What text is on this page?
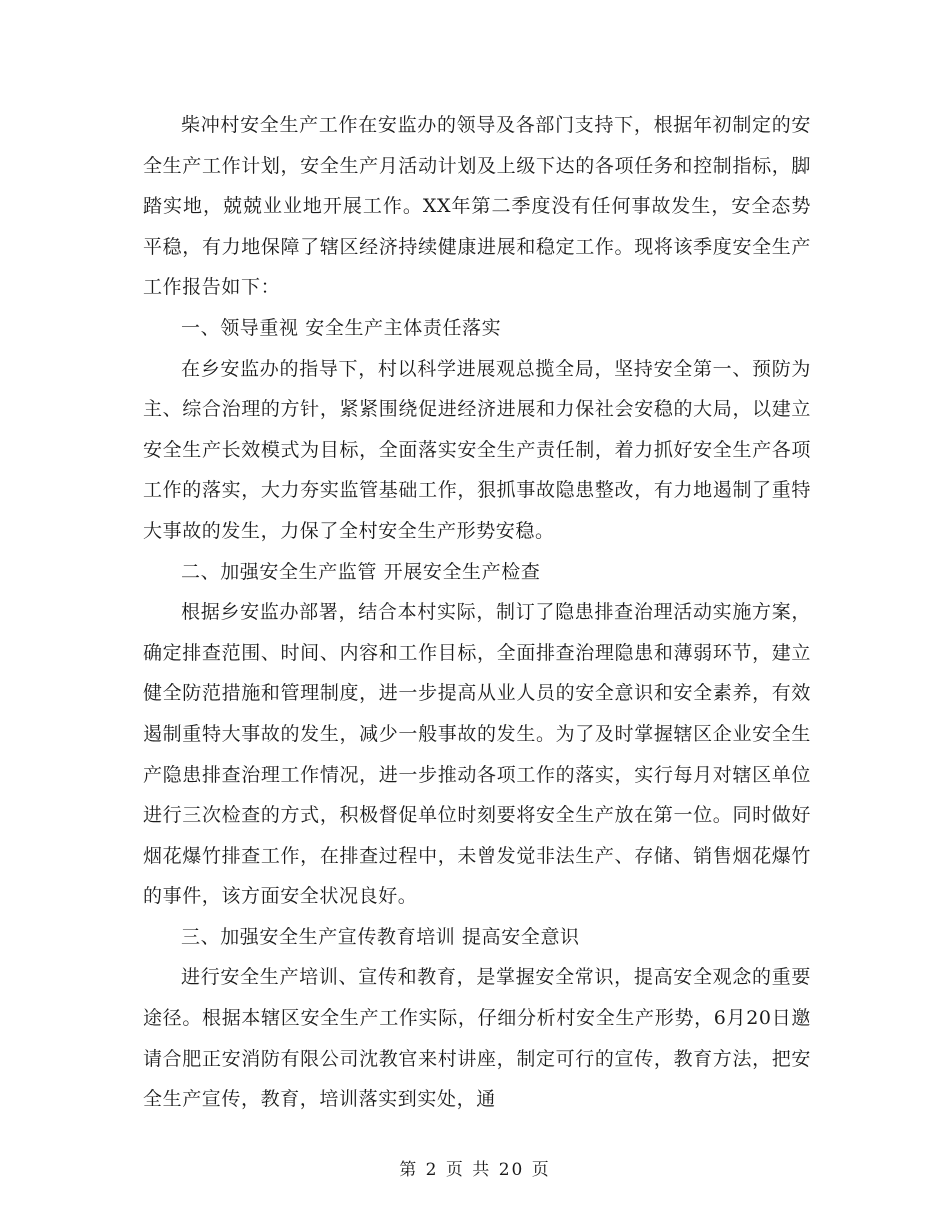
柴冲村安全生产工作在安监办的领导及各部门支持下，根据年初制定的安全生产工作计划，安全生产月活动计划及上级下达的各项任务和控制指标，脚踏实地，兢兢业业地开展工作。XX年第二季度没有任何事故发生，安全态势平稳，有力地保障了辖区经济持续健康进展和稳定工作。现将该季度安全生产工作报告如下：

一、领导重视 安全生产主体责任落实

在乡安监办的指导下，村以科学进展观总揽全局，坚持安全第一、预防为主、综合治理的方针，紧紧围绕促进经济进展和力保社会安稳的大局，以建立安全生产长效模式为目标，全面落实安全生产责任制，着力抓好安全生产各项工作的落实，大力夯实监管基础工作，狠抓事故隐患整改，有力地遏制了重特大事故的发生，力保了全村安全生产形势安稳。

二、加强安全生产监管 开展安全生产检查

根据乡安监办部署，结合本村实际，制订了隐患排查治理活动实施方案，确定排查范围、时间、内容和工作目标，全面排查治理隐患和薄弱环节，建立健全防范措施和管理制度，进一步提高从业人员的安全意识和安全素养，有效遏制重特大事故的发生，减少一般事故的发生。为了及时掌握辖区企业安全生产隐患排查治理工作情况，进一步推动各项工作的落实，实行每月对辖区单位进行三次检查的方式，积极督促单位时刻要将安全生产放在第一位。同时做好烟花爆竹排查工作，在排查过程中，未曾发觉非法生产、存储、销售烟花爆竹的事件，该方面安全状况良好。

三、加强安全生产宣传教育培训 提高安全意识

进行安全生产培训、宣传和教育，是掌握安全常识，提高安全观念的重要途径。根据本辖区安全生产工作实际，仔细分析村安全生产形势，6月20日邀请合肥正安消防有限公司沈教官来村讲座，制定可行的宣传，教育方法，把安全生产宣传，教育，培训落实到实处，通

第 2 页 共 20 页
